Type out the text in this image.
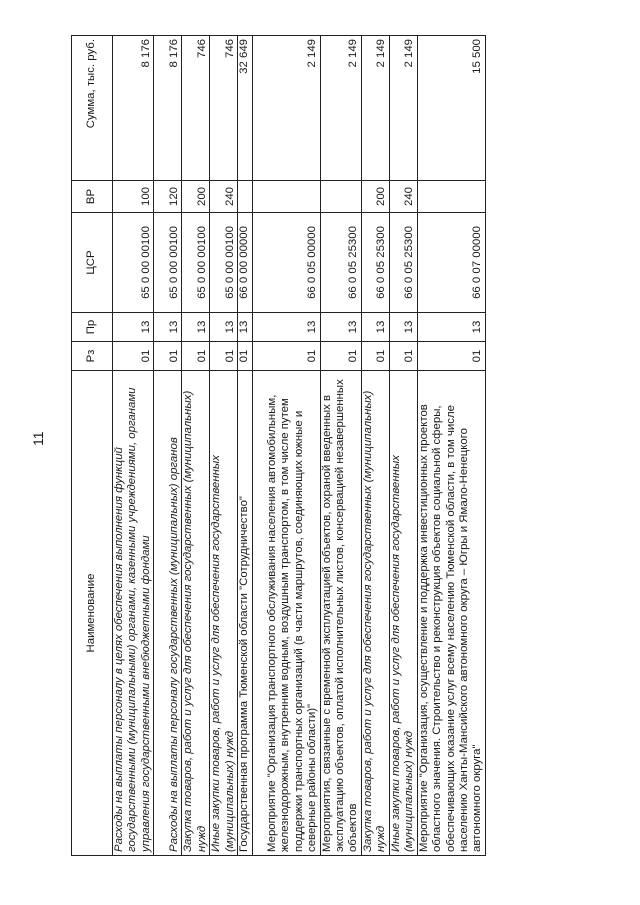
11
Наименование	Рз	Пр	ЦСР	ВР	Сумма, тыс. руб.
Расходы на выплаты персоналу в целях обеспечения выполнения функций государственными (муниципальными) органами, казенными учреждениями, органами управления государственными внебюджетными фондами	01	13	65 0 00 00100	100	8 176
Расходы на выплаты персоналу государственных (муниципальных) органов	01	13	65 0 00 00100	120	8 176
Закупка товаров, работ и услуг для обеспечения государственных (муниципальных) нужд	01	13	65 0 00 00100	200	746
Иные закупки товаров, работ и услуг для обеспечения государственных (муниципальных) нужд	01	13	65 0 00 00100	240	746
Государственная программа Тюменской области "Сотрудничество"	01	13	66 0 00 00000		32 649
Мероприятие "Организация транспортного обслуживания населения автомобильным, железнодорожным, внутренним водным, воздушным транспортом, в том числе путем поддержки транспортных организаций (в части маршрутов, соединяющих южные и северные районы области)"	01	13	66 0 05 00000		2 149
Мероприятия, связанные с временной эксплуатацией объектов, охраной введенных в эксплуатацию объектов, оплатой исполнительных листов, консервацией незавершенных объектов	01	13	66 0 05 25300		2 149
Закупка товаров, работ и услуг для обеспечения государственных (муниципальных) нужд	01	13	66 0 05 25300	200	2 149
Иные закупки товаров, работ и услуг для обеспечения государственных (муниципальных) нужд	01	13	66 0 05 25300	240	2 149
Мероприятие "Организация, осуществление и поддержка инвестиционных проектов областного значения. Строительство и реконструкция объектов социальной сферы, обеспечивающих оказание услуг всему населению Тюменской области, в том числе населению Ханты-Мансийского автономного округа – Югры и Ямало-Ненецкого автономного округа"	01	13	66 0 07 00000		15 500
